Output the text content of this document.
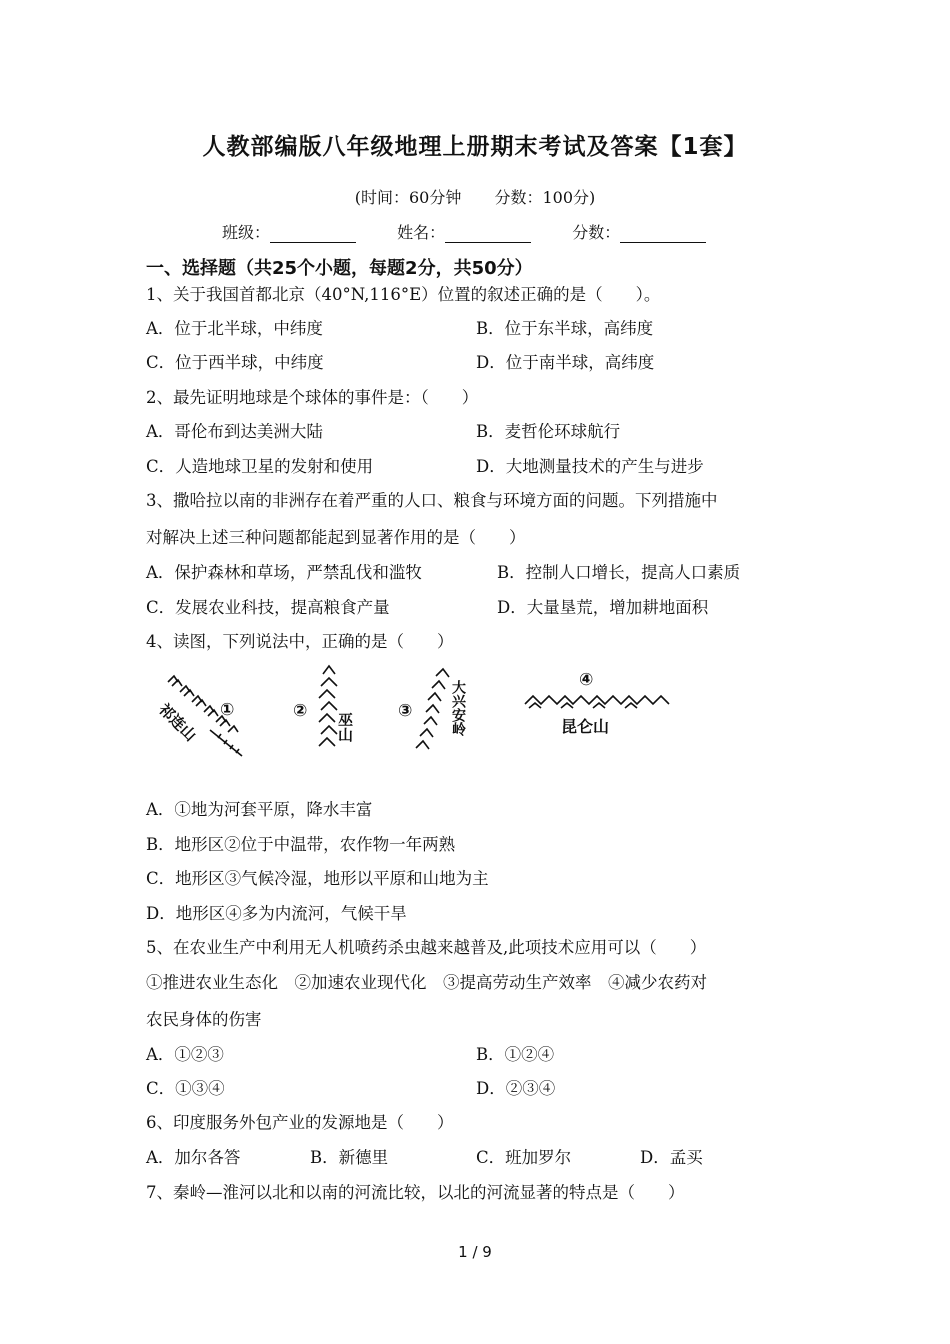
人教部编版八年级地理上册期末考试及答案【1套】
(时间：60分钟 分数：100分)
班级：	姓名：	分数：
一、选择题（共25个小题，每题2分，共50分）
1、关于我国首都北京（40°N,116°E）位置的叙述正确的是（　　）。
A．位于北半球，中纬度	B．位于东半球，高纬度
C．位于西半球，中纬度	D．位于南半球，高纬度
2、最先证明地球是个球体的事件是：（　　）
A．哥伦布到达美洲大陆	B．麦哲伦环球航行
C．人造地球卫星的发射和使用	D．大地测量技术的产生与进步
3、撒哈拉以南的非洲存在着严重的人口、粮食与环境方面的问题。下列措施中
对解决上述三种问题都能起到显著作用的是（　　）
A．保护森林和草场，严禁乱伐和滥牧	B．控制人口增长，提高人口素质
C．发展农业科技，提高粮食产量	D．大量垦荒，增加耕地面积
4、读图，下列说法中，正确的是（　　）
①
祁连山	②
巫山
③	大兴安岭	④
昆仑山
A．①地为河套平原，降水丰富
B．地形区②位于中温带，农作物一年两熟
C．地形区③气候冷湿，地形以平原和山地为主
D．地形区④多为内流河，气候干旱
5、在农业生产中利用无人机喷药杀虫越来越普及,此项技术应用可以（　　）
①推进农业生态化　②加速农业现代化　③提高劳动生产效率　④减少农药对
农民身体的伤害
A．①②③	B．①②④
C．①③④	D．②③④
6、印度服务外包产业的发源地是（　　）
A．加尔各答	B．新德里	C．班加罗尔	D．孟买
7、秦岭—淮河以北和以南的河流比较，以北的河流显著的特点是（　　）
1 / 9
